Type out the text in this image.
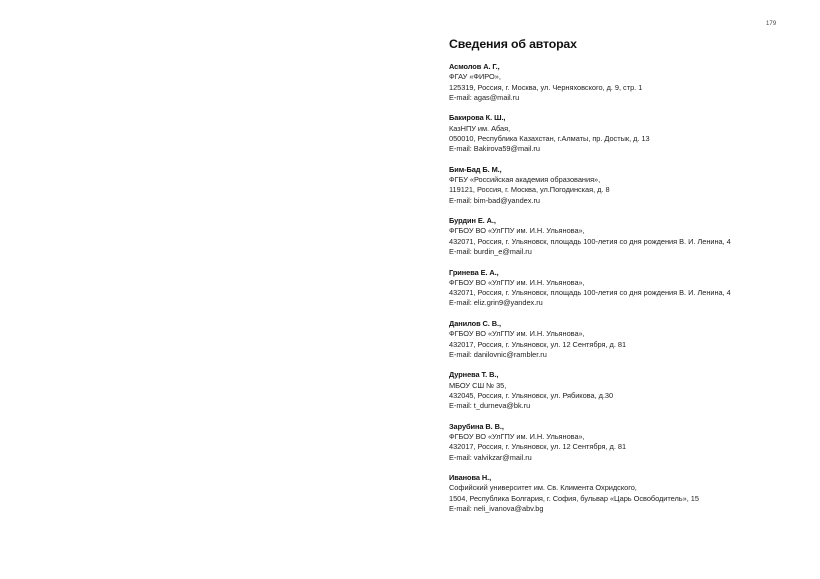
179
Сведения об авторах
Асмолов А. Г.,
ФГАУ «ФИРО»,
125319, Россия, г. Москва, ул. Черняховского, д. 9, стр. 1
E-mail: agas@mail.ru
Бакирова К. Ш.,
КазНПУ им. Абая,
050010, Республика Казахстан, г.Алматы, пр. Достык, д. 13
E-mail: Bakirova59@mail.ru
Бим-Бад Б. М.,
ФГБУ «Российская академия образования»,
119121, Россия, г. Москва, ул.Погодинская, д. 8
E-mail: bim-bad@yandex.ru
Бурдин Е. А.,
ФГБОУ ВО «УлГПУ им. И.Н. Ульянова»,
432071, Россия, г. Ульяновск, площадь 100-летия со дня рождения В. И. Ленина, 4
E-mail: burdin_e@mail.ru
Гринева Е. А.,
ФГБОУ ВО «УлГПУ им. И.Н. Ульянова»,
432071, Россия, г. Ульяновск, площадь 100-летия со дня рождения В. И. Ленина, 4
E-mail: eliz.grin9@yandex.ru
Данилов С. В.,
ФГБОУ ВО «УлГПУ им. И.Н. Ульянова»,
432017, Россия, г. Ульяновск, ул. 12 Сентября, д. 81
E-mail: danilovnic@rambler.ru
Дурнева Т. В.,
МБОУ СШ № 35,
432045, Россия, г. Ульяновск, ул. Рябикова, д.30
E-mail: t_durneva@bk.ru
Зарубина В. В.,
ФГБОУ ВО «УлГПУ им. И.Н. Ульянова»,
432017, Россия, г. Ульяновск, ул. 12 Сентября, д. 81
E-mail: valvikzar@mail.ru
Иванова Н.,
Софийский университет им. Св. Климента Охридского,
1504, Республика Болгария, г. София, бульвар «Царь Освободитель», 15
E-mail: neli_ivanova@abv.bg
